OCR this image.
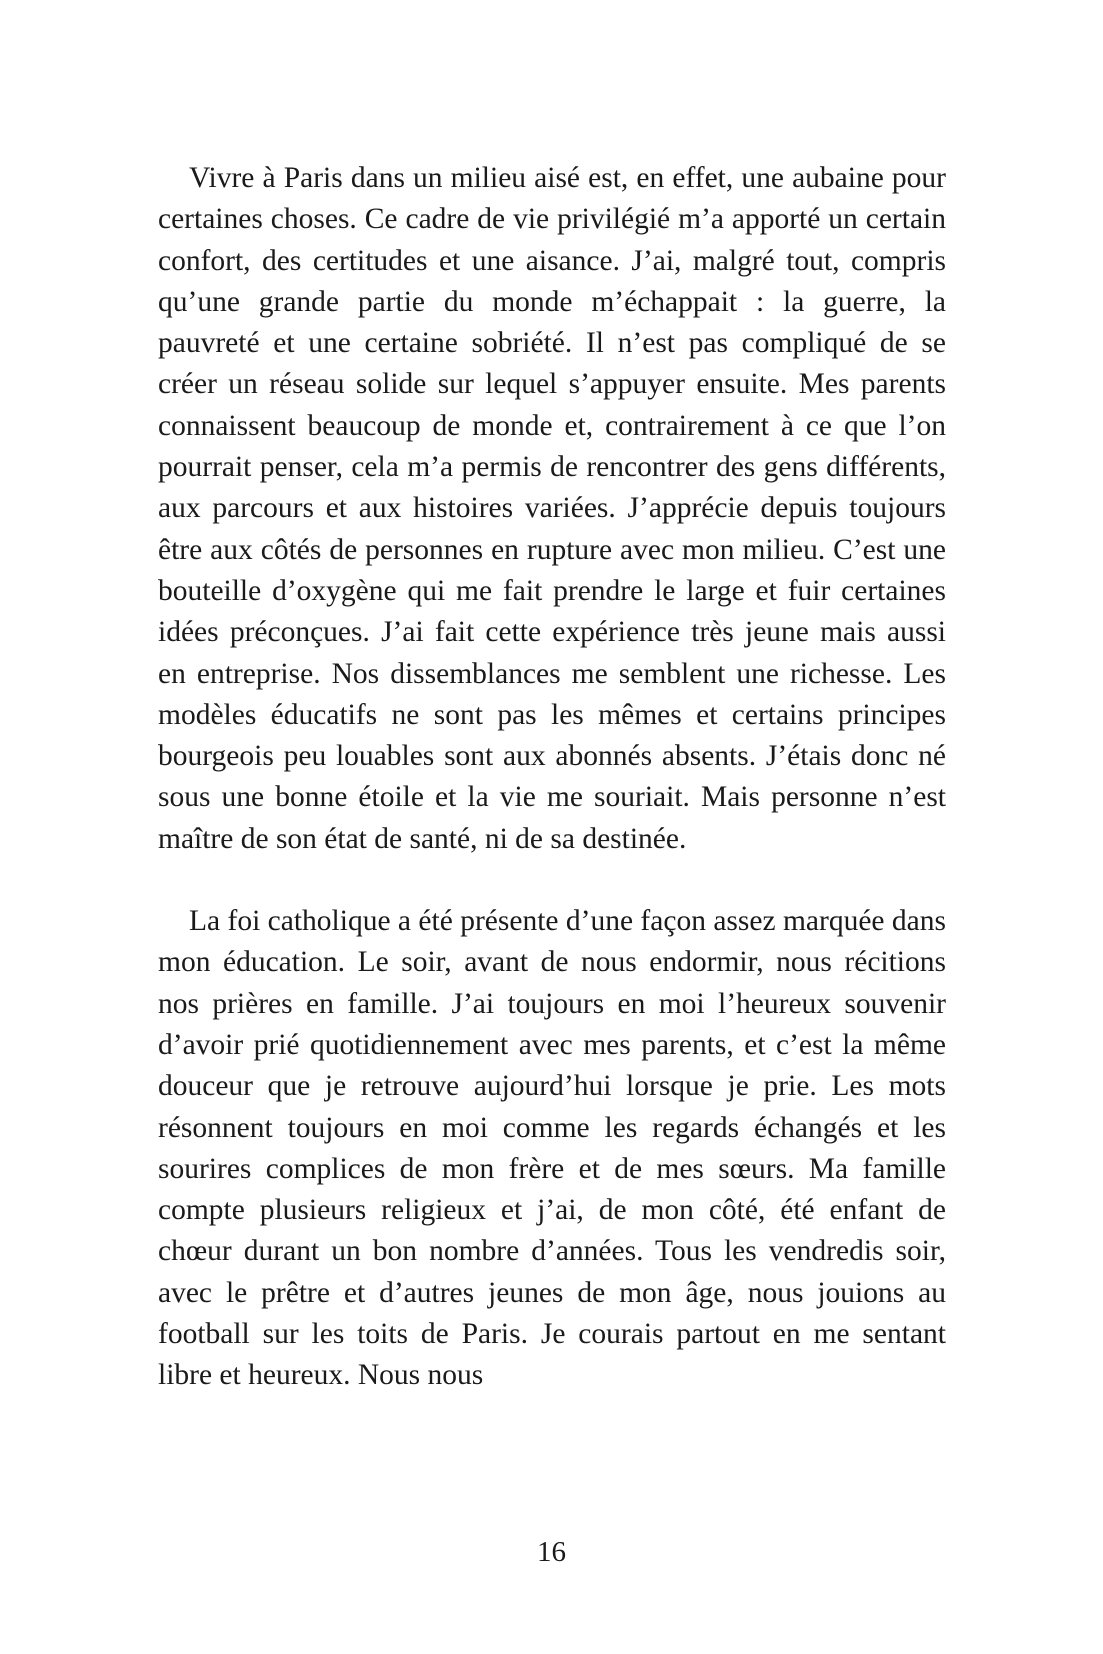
Vivre à Paris dans un milieu aisé est, en effet, une aubaine pour certaines choses. Ce cadre de vie privilégié m’a apporté un certain confort, des certitudes et une aisance. J’ai, malgré tout, compris qu’une grande partie du monde m’échappait : la guerre, la pauvreté et une certaine sobriété. Il n’est pas compliqué de se créer un réseau solide sur lequel s’appuyer ensuite. Mes parents connaissent beaucoup de monde et, contrairement à ce que l’on pourrait penser, cela m’a permis de rencontrer des gens différents, aux parcours et aux histoires variées. J’apprécie depuis toujours être aux côtés de personnes en rupture avec mon milieu. C’est une bouteille d’oxygène qui me fait prendre le large et fuir certaines idées préconçues. J’ai fait cette expérience très jeune mais aussi en entreprise. Nos dissemblances me semblent une richesse. Les modèles éducatifs ne sont pas les mêmes et certains principes bourgeois peu louables sont aux abonnés absents. J’étais donc né sous une bonne étoile et la vie me souriait. Mais personne n’est maître de son état de santé, ni de sa destinée.

La foi catholique a été présente d’une façon assez marquée dans mon éducation. Le soir, avant de nous endormir, nous récitions nos prières en famille. J’ai toujours en moi l’heureux souvenir d’avoir prié quotidiennement avec mes parents, et c’est la même douceur que je retrouve aujourd’hui lorsque je prie. Les mots résonnent toujours en moi comme les regards échangés et les sourires complices de mon frère et de mes sœurs. Ma famille compte plusieurs religieux et j’ai, de mon côté, été enfant de chœur durant un bon nombre d’années. Tous les vendredis soir, avec le prêtre et d’autres jeunes de mon âge, nous jouions au football sur les toits de Paris. Je courais partout en me sentant libre et heureux. Nous nous

16
